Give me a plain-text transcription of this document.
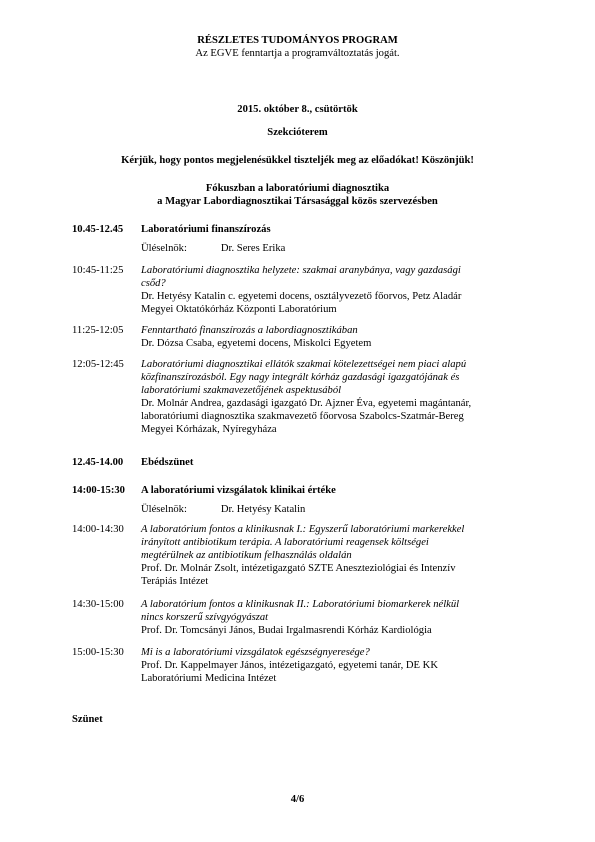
RÉSZLETES TUDOMÁNYOS PROGRAM
Az EGVE fenntartja a programváltoztatás jogát.
2015. október 8., csütörtök
Szekcióterem
Kérjük, hogy pontos megjelenésükkel tiszteljék meg az előadókat! Köszönjük!
Fókuszban a laboratóriumi diagnosztika
a Magyar Labordiagnosztikai Társasággal közös szervezésben
10.45-12.45 Laboratóriumi finanszírozás
Üléselnök:	Dr. Seres Erika
10:45-11:25 Laboratóriumi diagnosztika helyzete: szakmai aranybánya, vagy gazdasági
csőd?
Dr. Hetyésy Katalin c. egyetemi docens, osztályvezető főorvos, Petz Aladár
Megyei Oktatókórház Központi Laboratórium
11:25-12:05 Fenntartható finanszírozás a labordiagnosztikában
Dr. Dózsa Csaba, egyetemi docens, Miskolci Egyetem
12:05-12:45 Laboratóriumi diagnosztikai ellátók szakmai kötelezettségei nem piaci alapú
közfinanszírozásból. Egy nagy integrált kórház gazdasági igazgatójának és
laboratóriumi szakmavezetőjének aspektusából
Dr. Molnár Andrea, gazdasági igazgató Dr. Ajzner Éva, egyetemi magántanár,
laboratóriumi diagnosztika szakmavezető főorvosa Szabolcs-Szatmár-Bereg
Megyei Kórházak, Nyíregyháza
12.45-14.00 Ebédszünet
14:00-15:30 A laboratóriumi vizsgálatok klinikai értéke
Üléselnök:	Dr. Hetyésy Katalin
14:00-14:30 A laboratórium fontos a klinikusnak I.: Egyszerű laboratóriumi markerekkel
irányított antibiotikum terápia. A laboratóriumi reagensek költségei
megtérülnek az antibiotikum felhasználás oldalán
Prof. Dr. Molnár Zsolt, intézetigazgató SZTE Aneszteziológiai és Intenzív
Terápiás Intézet
14:30-15:00 A laboratórium fontos a klinikusnak II.: Laboratóriumi biomarkerek nélkül
nincs korszerű szívgyógyászat
Prof. Dr. Tomcsányi János, Budai Irgalmasrendi Kórház Kardiológia
15:00-15:30 Mi is a laboratóriumi vizsgálatok egészségnyeresége?
Prof. Dr. Kappelmayer János, intézetigazgató, egyetemi tanár, DE KK
Laboratóriumi Medicina Intézet
Szünet
4/6
